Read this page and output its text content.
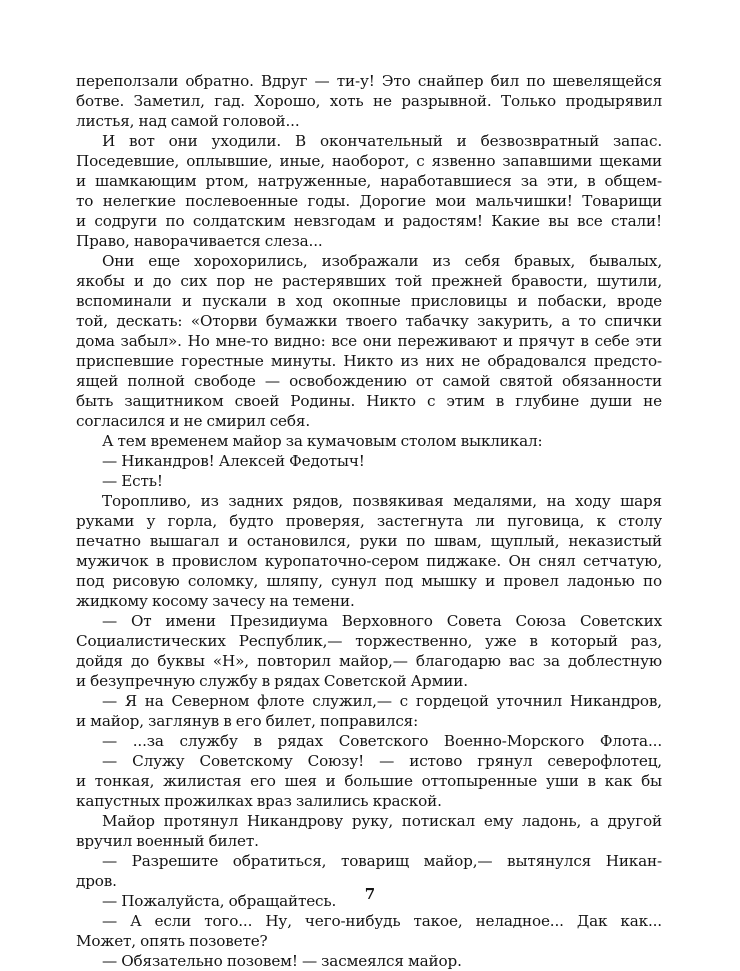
переползали обратно. Вдруг — ти-у! Это снайпер бил по шевелящейся
ботве. Заметил, гад. Хорошо, хоть не разрывной. Только продырявил
листья, над самой головой...
И вот они уходили. В окончательный и безвозвратный запас.
Поседевшие, оплывшие, иные, наоборот, с язвенно запавшими щеками
и шамкающим ртом, натруженные, наработавшиеся за эти, в общем-
то нелегкие послевоенные годы. Дорогие мои мальчишки! Товарищи
и содруги по солдатским невзгодам и радостям! Какие вы все стали!
Право, наворачивается слеза...
Они еще хорохорились, изображали из себя бравых, бывалых,
якобы и до сих пор не растерявших той прежней бравости, шутили,
вспоминали и пускали в ход окопные присловицы и побаски, вроде
той, дескать: «Оторви бумажки твоего табачку закурить, а то спички
дома забыл». Но мне-то видно: все они переживают и прячут в себе эти
приспевшие горестные минуты. Никто из них не обрадовался предсто-
ящей полной свободе — освобождению от самой святой обязанности
быть защитником своей Родины. Никто с этим в глубине души не
согласился и не смирил себя.
А тем временем майор за кумачовым столом выкликал:
— Никандров! Алексей Федотыч!
— Есть!
Торопливо, из задних рядов, позвякивая медалями, на ходу шаря
руками у горла, будто проверяя, застегнута ли пуговица, к столу
печатно вышагал и остановился, руки по швам, щуплый, неказистый
мужичок в провислом куропаточно-сером пиджаке. Он снял сетчатую,
под рисовую соломку, шляпу, сунул под мышку и провел ладонью по
жидкому косому зачесу на темени.
— От имени Президиума Верховного Совета Союза Советских
Социалистических Республик,— торжественно, уже в который раз,
дойдя до буквы «Н», повторил майор,— благодарю вас за доблестную
и безупречную службу в рядах Советской Армии.
— Я на Северном флоте служил,— с гордецой уточнил Никандров,
и майор, заглянув в его билет, поправился:
— ...за службу в рядах Советского Военно-Морского Флота...
— Служу Советскому Союзу! — истово грянул северофлотец,
и тонкая, жилистая его шея и большие оттопыренные уши в как бы
капустных прожилках враз залились краской.
Майор протянул Никандрову руку, потискал ему ладонь, а другой
вручил военный билет.
— Разрешите обратиться, товарищ майор,— вытянулся Никан-
дров.
— Пожалуйста, обращайтесь.
— А если того... Ну, чего-нибудь такое, неладное... Дак как...
Может, опять позовете?
— Обязательно позовем! — засмеялся майор.
7
